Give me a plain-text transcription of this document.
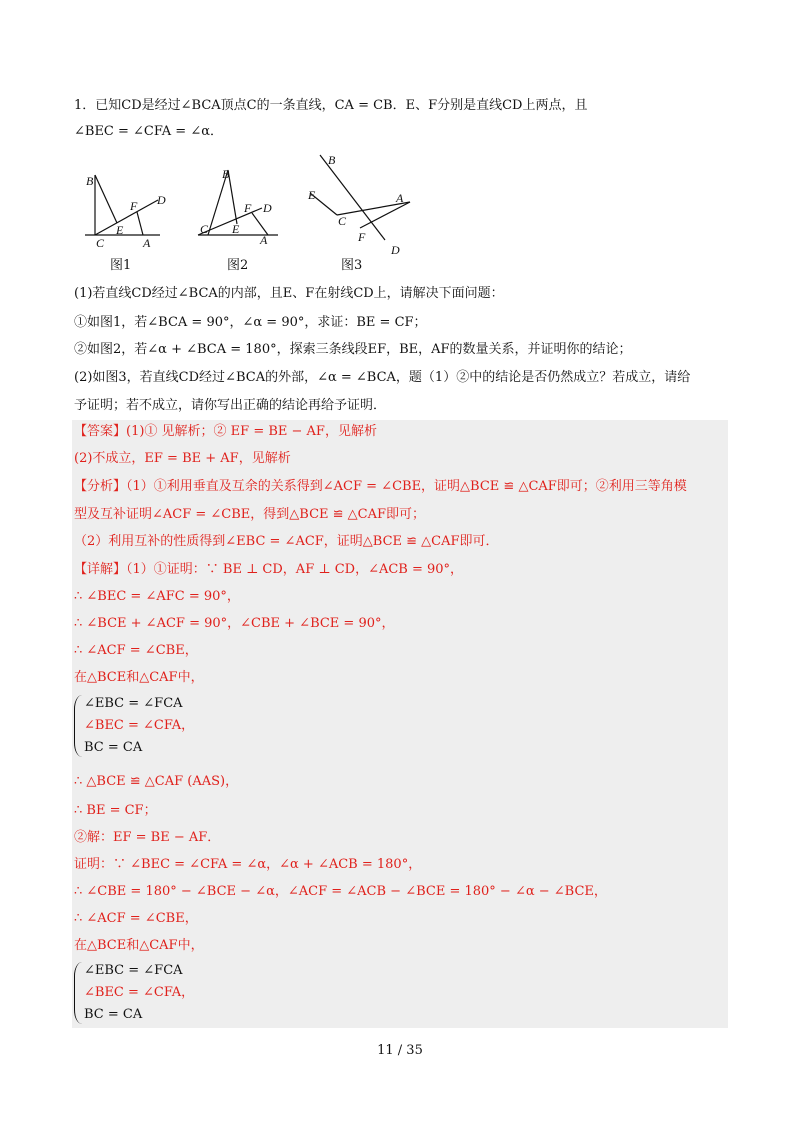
1．已知CD是经过∠BCA顶点C的一条直线，CA = CB．E、F分别是直线CD上两点，且
∠BEC = ∠CFA = ∠α．
B
F D
E
C	A
B
F D
E
C
A
B
E	A
C
F
D
图1	图2	图3
(1)若直线CD经过∠BCA的内部，且E、F在射线CD上，请解决下面问题：
①如图1，若∠BCA = 90°，∠α = 90°，求证：BE = CF；
②如图2，若∠α + ∠BCA = 180°，探索三条线段EF，BE，AF的数量关系，并证明你的结论；
(2)如图3，若直线CD经过∠BCA的外部，∠α = ∠BCA，题（1）②中的结论是否仍然成立？若成立，请给
予证明；若不成立，请你写出正确的结论再给予证明．
【答案】(1)① 见解析；② EF = BE − AF，见解析
(2)不成立，EF = BE + AF，见解析
【分析】（1）①利用垂直及互余的关系得到∠ACF = ∠CBE，证明△BCE ≌ △CAF即可；②利用三等角模
型及互补证明∠ACF = ∠CBE，得到△BCE ≌ △CAF即可；
（2）利用互补的性质得到∠EBC = ∠ACF，证明△BCE ≌ △CAF即可．
【详解】（1）①证明：∵ BE ⊥ CD，AF ⊥ CD，∠ACB = 90°，
∴ ∠BEC = ∠AFC = 90°，
∴ ∠BCE + ∠ACF = 90°，∠CBE + ∠BCE = 90°，
∴ ∠ACF = ∠CBE，
在△BCE和△CAF中，
∠EBC = ∠FCA
∠BEC = ∠CFA，
BC = CA
∴ △BCE ≌ △CAF (AAS)，
∴ BE = CF；
②解：EF = BE − AF．
证明：∵ ∠BEC = ∠CFA = ∠α，∠α + ∠ACB = 180°，
∴ ∠CBE = 180° − ∠BCE − ∠α，∠ACF = ∠ACB − ∠BCE = 180° − ∠α − ∠BCE，
∴ ∠ACF = ∠CBE，
在△BCE和△CAF中，
∠EBC = ∠FCA
∠BEC = ∠CFA，
BC = CA
11 / 35
